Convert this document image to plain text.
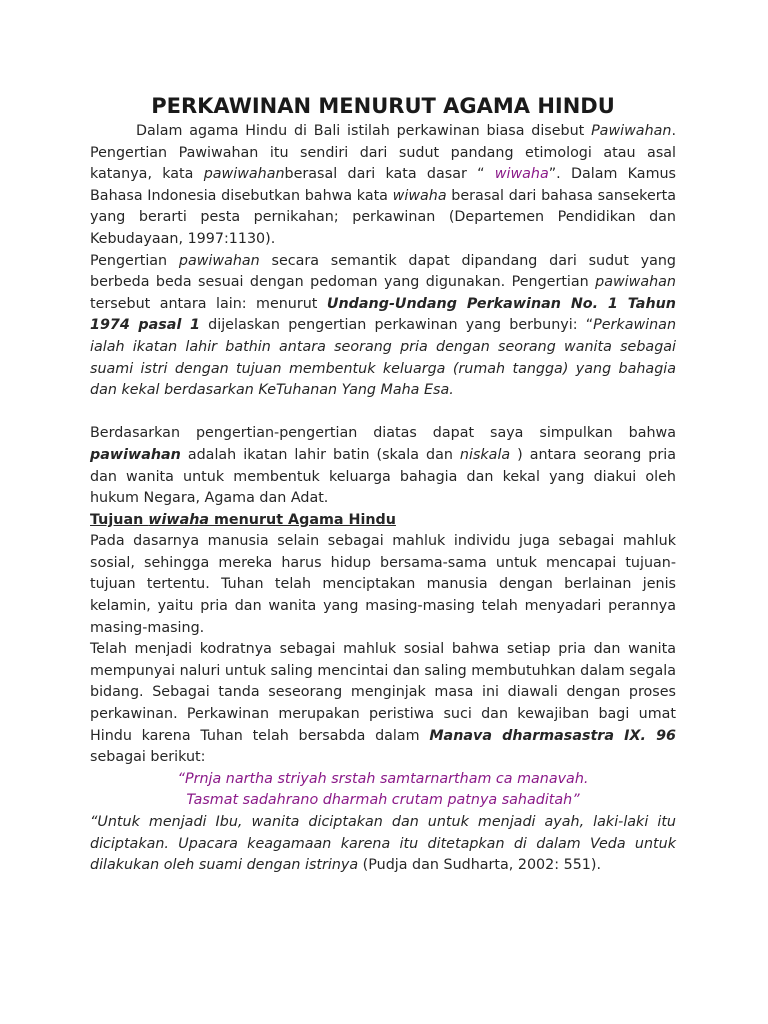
PERKAWINAN MENURUT AGAMA HINDU

Dalam agama Hindu di Bali istilah perkawinan biasa disebut Pawiwahan. Pengertian Pawiwahan itu sendiri dari sudut pandang etimologi atau asal katanya, kata pawiwahanberasal dari kata dasar “ wiwaha”. Dalam Kamus Bahasa Indonesia disebutkan bahwa kata wiwaha berasal dari bahasa sansekerta yang berarti pesta pernikahan; perkawinan (Departemen Pendidikan dan Kebudayaan, 1997:1130).

Pengertian pawiwahan secara semantik dapat dipandang dari sudut yang berbeda beda sesuai dengan pedoman yang digunakan. Pengertian pawiwahan tersebut antara lain: menurut Undang-Undang Perkawinan No. 1 Tahun 1974 pasal 1 dijelaskan pengertian perkawinan yang berbunyi: “Perkawinan ialah ikatan lahir bathin antara seorang pria dengan seorang wanita sebagai suami istri dengan tujuan membentuk keluarga (rumah tangga) yang bahagia dan kekal berdasarkan KeTuhanan Yang Maha Esa.

Berdasarkan pengertian-pengertian diatas dapat saya simpulkan bahwa pawiwahan adalah ikatan lahir batin (skala dan niskala ) antara seorang pria dan wanita untuk membentuk keluarga bahagia dan kekal yang diakui oleh hukum Negara, Agama dan Adat.

Tujuan wiwaha menurut Agama Hindu

Pada dasarnya manusia selain sebagai mahluk individu juga sebagai mahluk sosial, sehingga mereka harus hidup bersama-sama untuk mencapai tujuan-tujuan tertentu. Tuhan telah menciptakan manusia dengan berlainan jenis kelamin, yaitu pria dan wanita yang masing-masing telah menyadari perannya masing-masing.

Telah menjadi kodratnya sebagai mahluk sosial bahwa setiap pria dan wanita mempunyai naluri untuk saling mencintai dan saling membutuhkan dalam segala bidang. Sebagai tanda seseorang menginjak masa ini diawali dengan proses perkawinan. Perkawinan merupakan peristiwa suci dan kewajiban bagi umat Hindu karena Tuhan telah bersabda dalam Manava dharmasastra IX. 96 sebagai berikut:

“Prnja nartha striyah srstah samtarnartham ca manavah.
Tasmat sadahrano dharmah crutam patnya sahaditah”

“Untuk menjadi Ibu, wanita diciptakan dan untuk menjadi ayah, laki-laki itu diciptakan. Upacara keagamaan karena itu ditetapkan di dalam Veda untuk dilakukan oleh suami dengan istrinya (Pudja dan Sudharta, 2002: 551).
